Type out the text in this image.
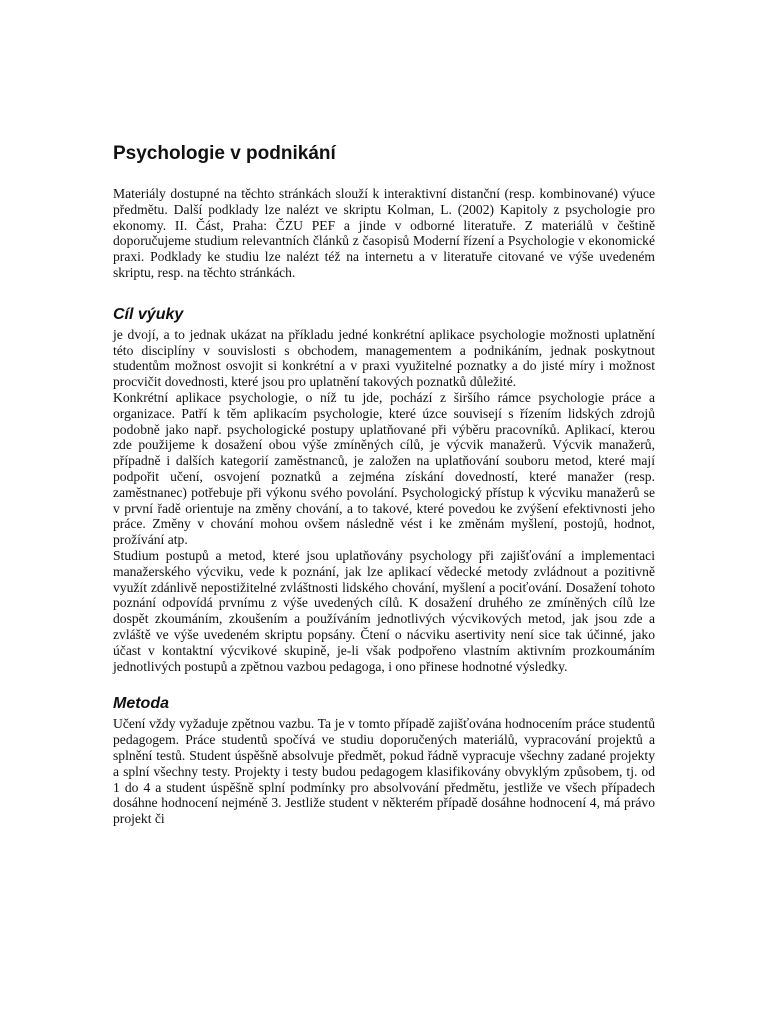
Psychologie v podnikání

Materiály dostupné na těchto stránkách slouží k interaktivní distanční (resp. kombinované) výuce předmětu. Další podklady lze nalézt ve skriptu Kolman, L. (2002) Kapitoly z psychologie pro ekonomy. II. Část, Praha: ČZU PEF a jinde v odborné literatuře. Z materiálů v češtině doporučujeme studium relevantních článků z časopisů Moderní řízení a Psychologie v ekonomické praxi. Podklady ke studiu lze nalézt též na internetu a v literatuře citované ve výše uvedeném skriptu, resp. na těchto stránkách.

Cíl výuky

je dvojí, a to jednak ukázat na příkladu jedné konkrétní aplikace psychologie možnosti uplatnění této disciplíny v souvislosti s obchodem, managementem a podnikáním, jednak poskytnout studentům možnost osvojit si konkrétní a v praxi využitelné poznatky a do jisté míry i možnost procvičit dovednosti, které jsou pro uplatnění takových poznatků důležité.

Konkrétní aplikace psychologie, o níž tu jde, pochází z širšího rámce psychologie práce a organizace. Patří k těm aplikacím psychologie, které úzce souvisejí s řízením lidských zdrojů podobně jako např. psychologické postupy uplatňované při výběru pracovníků. Aplikací, kterou zde použijeme k dosažení obou výše zmíněných cílů, je výcvik manažerů. Výcvik manažerů, případně i dalších kategorií zaměstnanců, je založen na uplatňování souboru metod, které mají podpořit učení, osvojení poznatků a zejména získání dovedností, které manažer (resp. zaměstnanec) potřebuje při výkonu svého povolání. Psychologický přístup k výcviku manažerů se v první řadě orientuje na změny chování, a to takové, které povedou ke zvýšení efektivnosti jeho práce. Změny v chování mohou ovšem následně vést i ke změnám myšlení, postojů, hodnot, prožívání atp.

Studium postupů a metod, které jsou uplatňovány psychology při zajišťování a implementaci manažerského výcviku, vede k poznání, jak lze aplikací vědecké metody zvládnout a pozitivně využít zdánlivě nepostižitelné zvláštnosti lidského chování, myšlení a pociťování. Dosažení tohoto poznání odpovídá prvnímu z výše uvedených cílů. K dosažení druhého ze zmíněných cílů lze dospět zkoumáním, zkoušením a používáním jednotlivých výcvikových metod, jak jsou zde a zvláště ve výše uvedeném skriptu popsány. Čtení o nácviku asertivity není sice tak účinné, jako účast v kontaktní výcvikové skupině, je-li však podpořeno vlastním aktivním prozkoumáním jednotlivých postupů a zpětnou vazbou pedagoga, i ono přinese hodnotné výsledky.

Metoda

Učení vždy vyžaduje zpětnou vazbu. Ta je v tomto případě zajišťována hodnocením práce studentů pedagogem. Práce studentů spočívá ve studiu doporučených materiálů, vypracování projektů a splnění testů. Student úspěšně absolvuje předmět, pokud řádně vypracuje všechny zadané projekty a splní všechny testy. Projekty i testy budou pedagogem klasifikovány obvyklým způsobem, tj. od 1 do 4 a student úspěšně splní podmínky pro absolvování předmětu, jestliže ve všech případech dosáhne hodnocení nejméně 3. Jestliže student v některém případě dosáhne hodnocení 4, má právo projekt či
